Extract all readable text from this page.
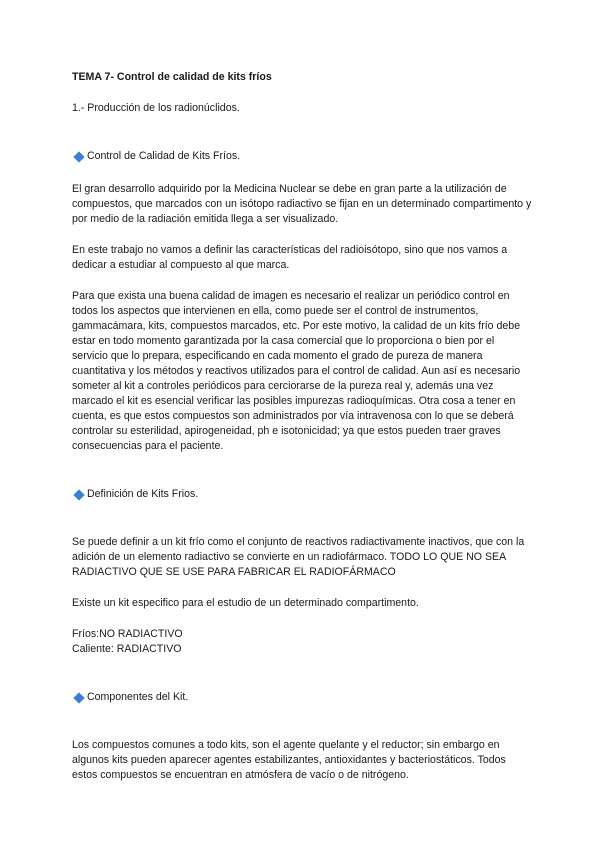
TEMA 7- Control de calidad de kits fríos
1.- Producción de los radionúclidos.
Control de Calidad de Kits Fríos.

El gran desarrollo adquirido por la Medicina Nuclear se debe en gran parte a la utilización de compuestos, que marcados con un isótopo radiactivo se fijan en un determinado compartimento y por medio de la radiación emitida llega a ser visualizado.

En este trabajo no vamos a definir las características del radioisótopo, sino que nos vamos a dedicar a estudiar al compuesto al que marca.

Para que exista una buena calidad de imagen es necesario el realizar un periódico control en todos los aspectos que intervienen en ella, como puede ser el control de instrumentos, gammacámara, kits, compuestos marcados, etc. Por este motivo, la calidad de un kits frío debe estar en todo momento garantizada por la casa comercial que lo proporciona o bien por el servicio que lo prepara, especificando en cada momento el grado de pureza de manera cuantitativa y los métodos y reactivos utilizados para el control de calidad. Aun así es necesario someter al kit a controles periódicos para cerciorarse de la pureza real y, además una vez marcado el kit es esencial verificar las posibles impurezas radioquímicas. Otra cosa a tener en cuenta, es que estos compuestos son administrados por vía intravenosa con lo que se deberá controlar su esterilidad, apirogeneidad, ph e isotonicidad; ya que estos pueden traer graves consecuencias para el paciente.

Definición de Kits Frios.

Se puede definir a un kit frío como el conjunto de reactivos radiactivamente inactivos, que con la adición de un elemento radiactivo se convierte en un radiofármaco. TODO LO QUE NO SEA RADIACTIVO QUE SE USE PARA FABRICAR EL RADIOFÁRMACO

Existe un kit especifico para el estudio de un determinado compartimento.

Fríos:NO RADIACTIVO

Caliente: RADIACTIVO

Componentes del Kit.

Los compuestos comunes a todo kits, son el agente quelante y el reductor; sin embargo en algunos kits pueden aparecer agentes estabilizantes, antioxidantes y bacteriostáticos. Todos estos compuestos se encuentran en atmósfera de vacío o de nitrógeno.
